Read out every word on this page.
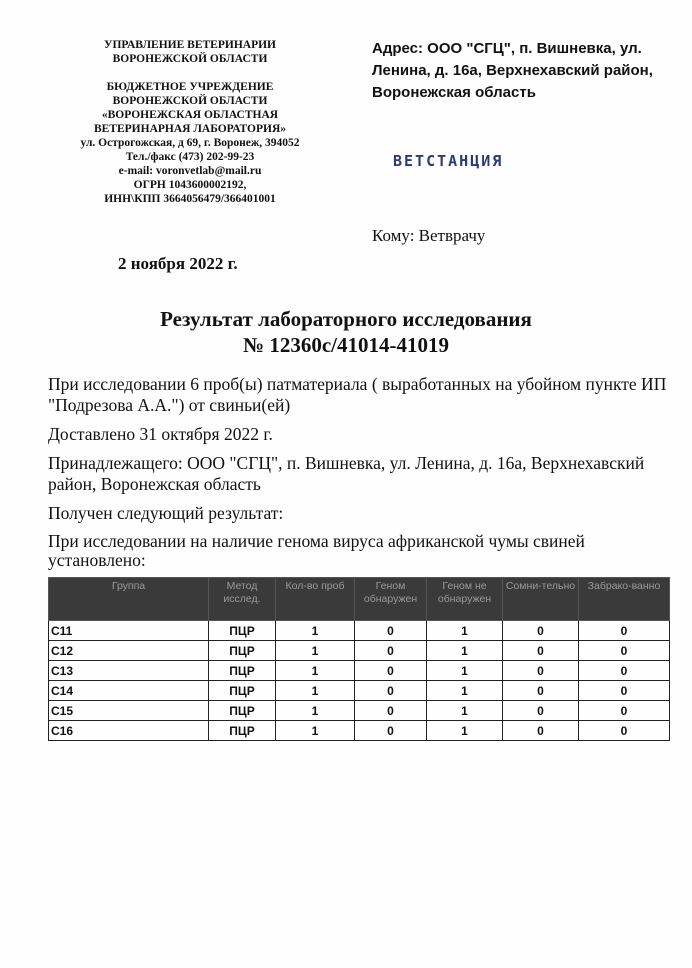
УПРАВЛЕНИЕ ВЕТЕРИНАРИИ
ВОРОНЕЖСКОЙ ОБЛАСТИ
БЮДЖЕТНОЕ УЧРЕЖДЕНИЕ
ВОРОНЕЖСКОЙ ОБЛАСТИ
«ВОРОНЕЖСКАЯ ОБЛАСТНАЯ
ВЕТЕРИНАРНАЯ ЛАБОРАТОРИЯ»
ул. Острогожская, д 69, г. Воронеж, 394052
Тел./факс (473) 202-99-23
e-mail: voronvetlab@mail.ru
ОГРН 1043600002192,
ИНН\КПП 3664056479/366401001
Адрес: ООО "СГЦ", п. Вишневка, ул. Ленина, д. 16а, Верхнехавский район, Воронежская область
ВЕТСТАНЦИЯ
Кому: Ветврачу
2 ноября 2022 г.
Результат лабораторного исследования
№ 12360с/41014-41019

При исследовании 6 проб(ы) патматериала ( выработанных на убойном пункте ИП "Подрезова А.А.") от свиньи(ей)

Доставлено 31 октября 2022 г.

Принадлежащего: ООО "СГЦ", п. Вишневка, ул. Ленина, д. 16а, Верхнехавский район, Воронежская область

Получен следующий результат:

При исследовании на наличие генома вируса африканской чумы свиней установлено:

Группа	Метод исслед.	Кол-во проб	Геном обнаружен	Геном не обнаружен	Сомни-тельно	Забрако-ванно
С11	ПЦР	1	0	1	0	0
С12	ПЦР	1	0	1	0	0
С13	ПЦР	1	0	1	0	0
С14	ПЦР	1	0	1	0	0
С15	ПЦР	1	0	1	0	0
С16	ПЦР	1	0	1	0	0
